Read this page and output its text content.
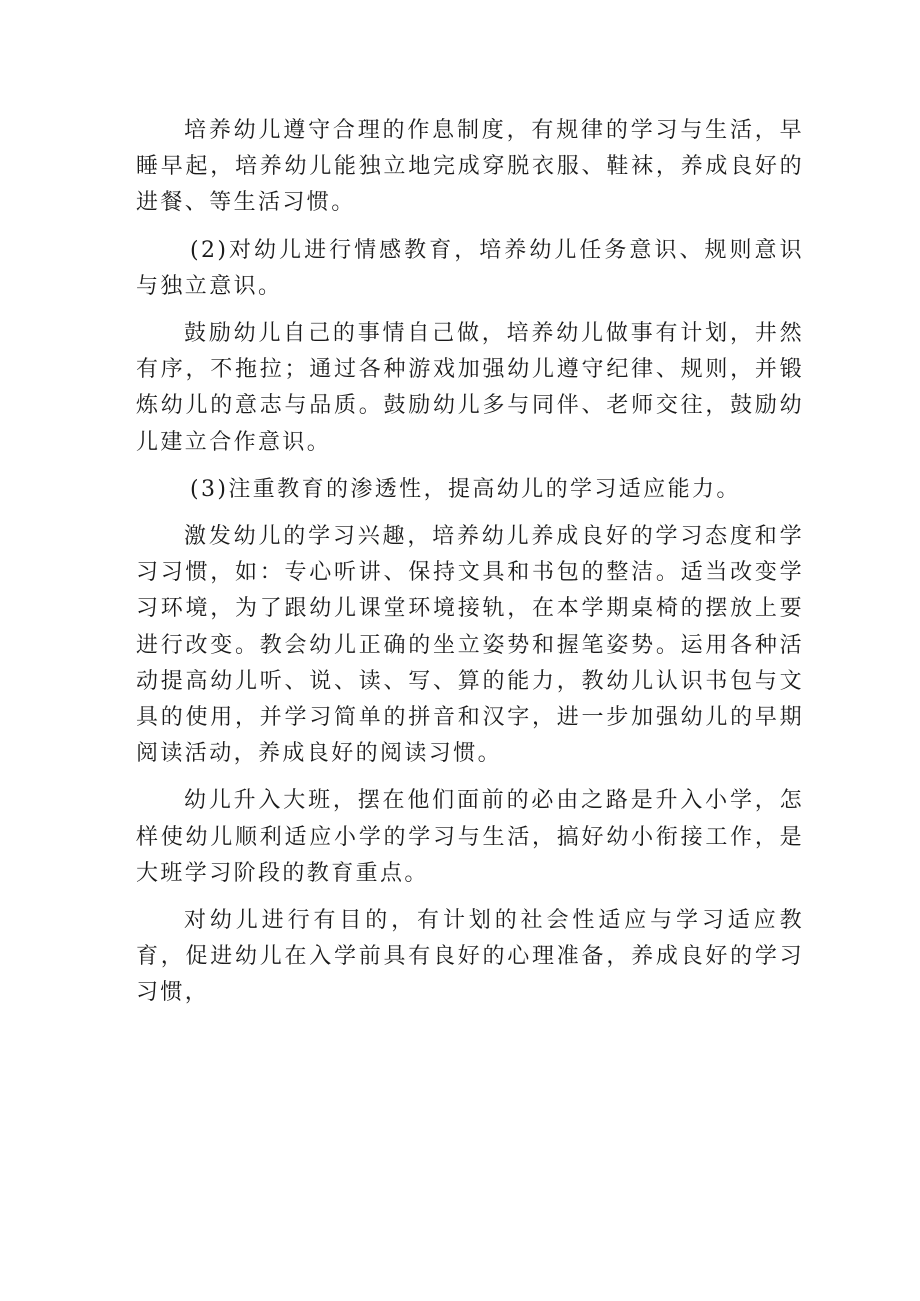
培养幼儿遵守合理的作息制度，有规律的学习与生活，早睡早起，培养幼儿能独立地完成穿脱衣服、鞋袜，养成良好的进餐、等生活习惯。

(2)对幼儿进行情感教育，培养幼儿任务意识、规则意识与独立意识。

鼓励幼儿自己的事情自己做，培养幼儿做事有计划，井然有序，不拖拉；通过各种游戏加强幼儿遵守纪律、规则，并锻炼幼儿的意志与品质。鼓励幼儿多与同伴、老师交往，鼓励幼儿建立合作意识。

(3)注重教育的渗透性，提高幼儿的学习适应能力。

激发幼儿的学习兴趣，培养幼儿养成良好的学习态度和学习习惯，如：专心听讲、保持文具和书包的整洁。适当改变学习环境，为了跟幼儿课堂环境接轨，在本学期桌椅的摆放上要进行改变。教会幼儿正确的坐立姿势和握笔姿势。运用各种活动提高幼儿听、说、读、写、算的能力，教幼儿认识书包与文具的使用，并学习简单的拼音和汉字，进一步加强幼儿的早期阅读活动，养成良好的阅读习惯。

幼儿升入大班，摆在他们面前的必由之路是升入小学，怎样使幼儿顺利适应小学的学习与生活，搞好幼小衔接工作，是大班学习阶段的教育重点。

对幼儿进行有目的，有计划的社会性适应与学习适应教育，促进幼儿在入学前具有良好的心理准备，养成良好的学习习惯，
